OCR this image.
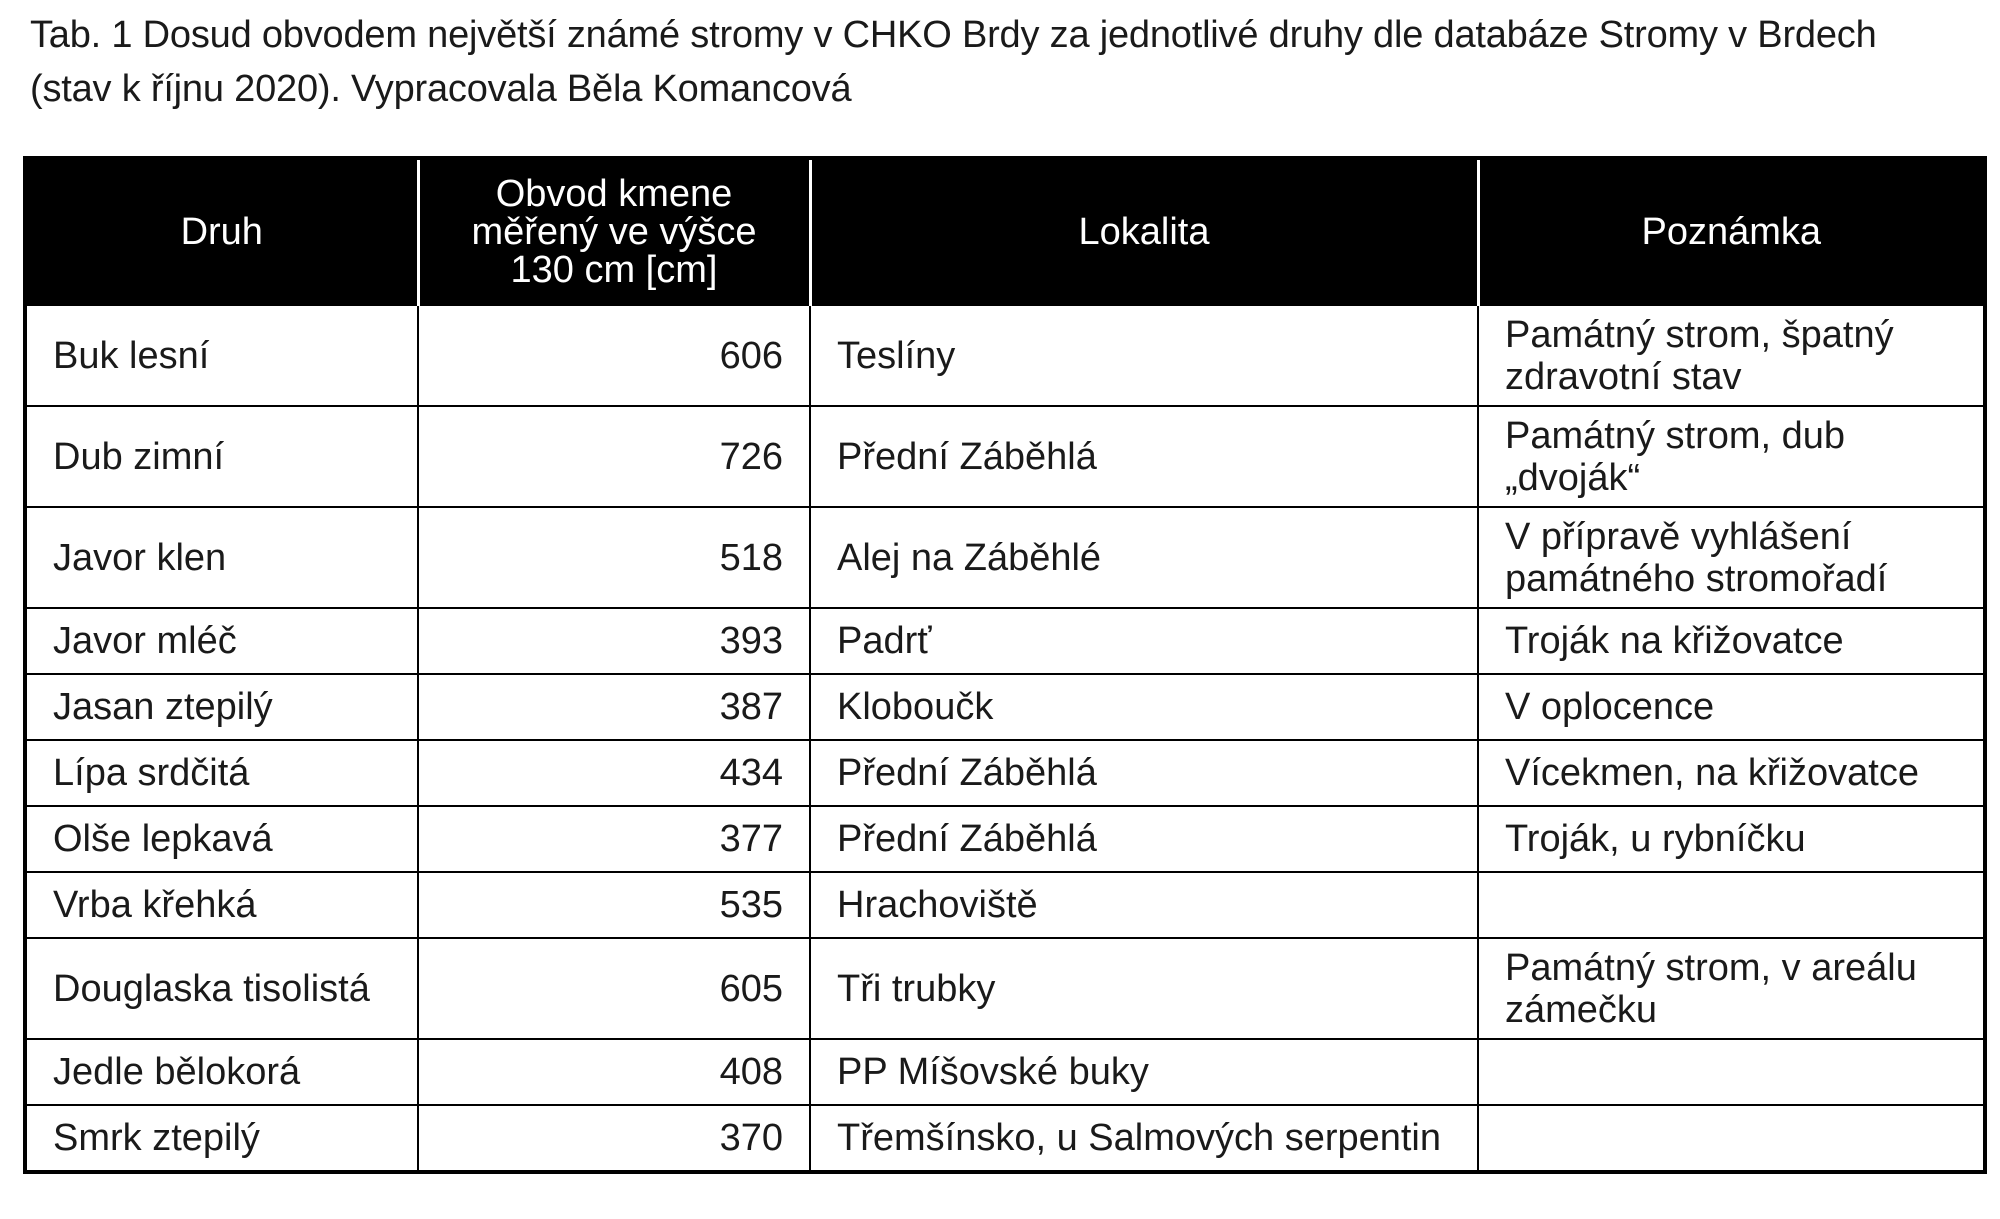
Tab. 1 Dosud obvodem největší známé stromy v CHKO Brdy za jednotlivé druhy dle databáze Stromy v Brdech
(stav k říjnu 2020). Vypracovala Běla Komancová
Druh	Obvod kmene
měřený ve výšce
130 cm [cm]	Lokalita	Poznámka
Buk lesní	606	Teslíny	Památný strom, špatný
zdravotní stav

Dub zimní	726	Přední Záběhlá	Památný strom, dub
„dvoják“

Javor klen	518	Alej na Záběhlé	V přípravě vyhlášení
památného stromořadí

Javor mléč	393	Padrť	Troják na křižovatce
Jasan ztepilý	387	Kloboučk	V oplocence
Lípa srdčitá	434	Přední Záběhlá	Vícekmen, na křižovatce
Olše lepkavá	377	Přední Záběhlá	Troják, u rybníčku
Vrba křehká	535	Hrachoviště	
Douglaska tisolistá	605	Tři trubky	Památný strom, v areálu
zámečku

Jedle bělokorá	408	PP Míšovské buky	
Smrk ztepilý	370	Třemšínsko, u Salmových serpentin	
